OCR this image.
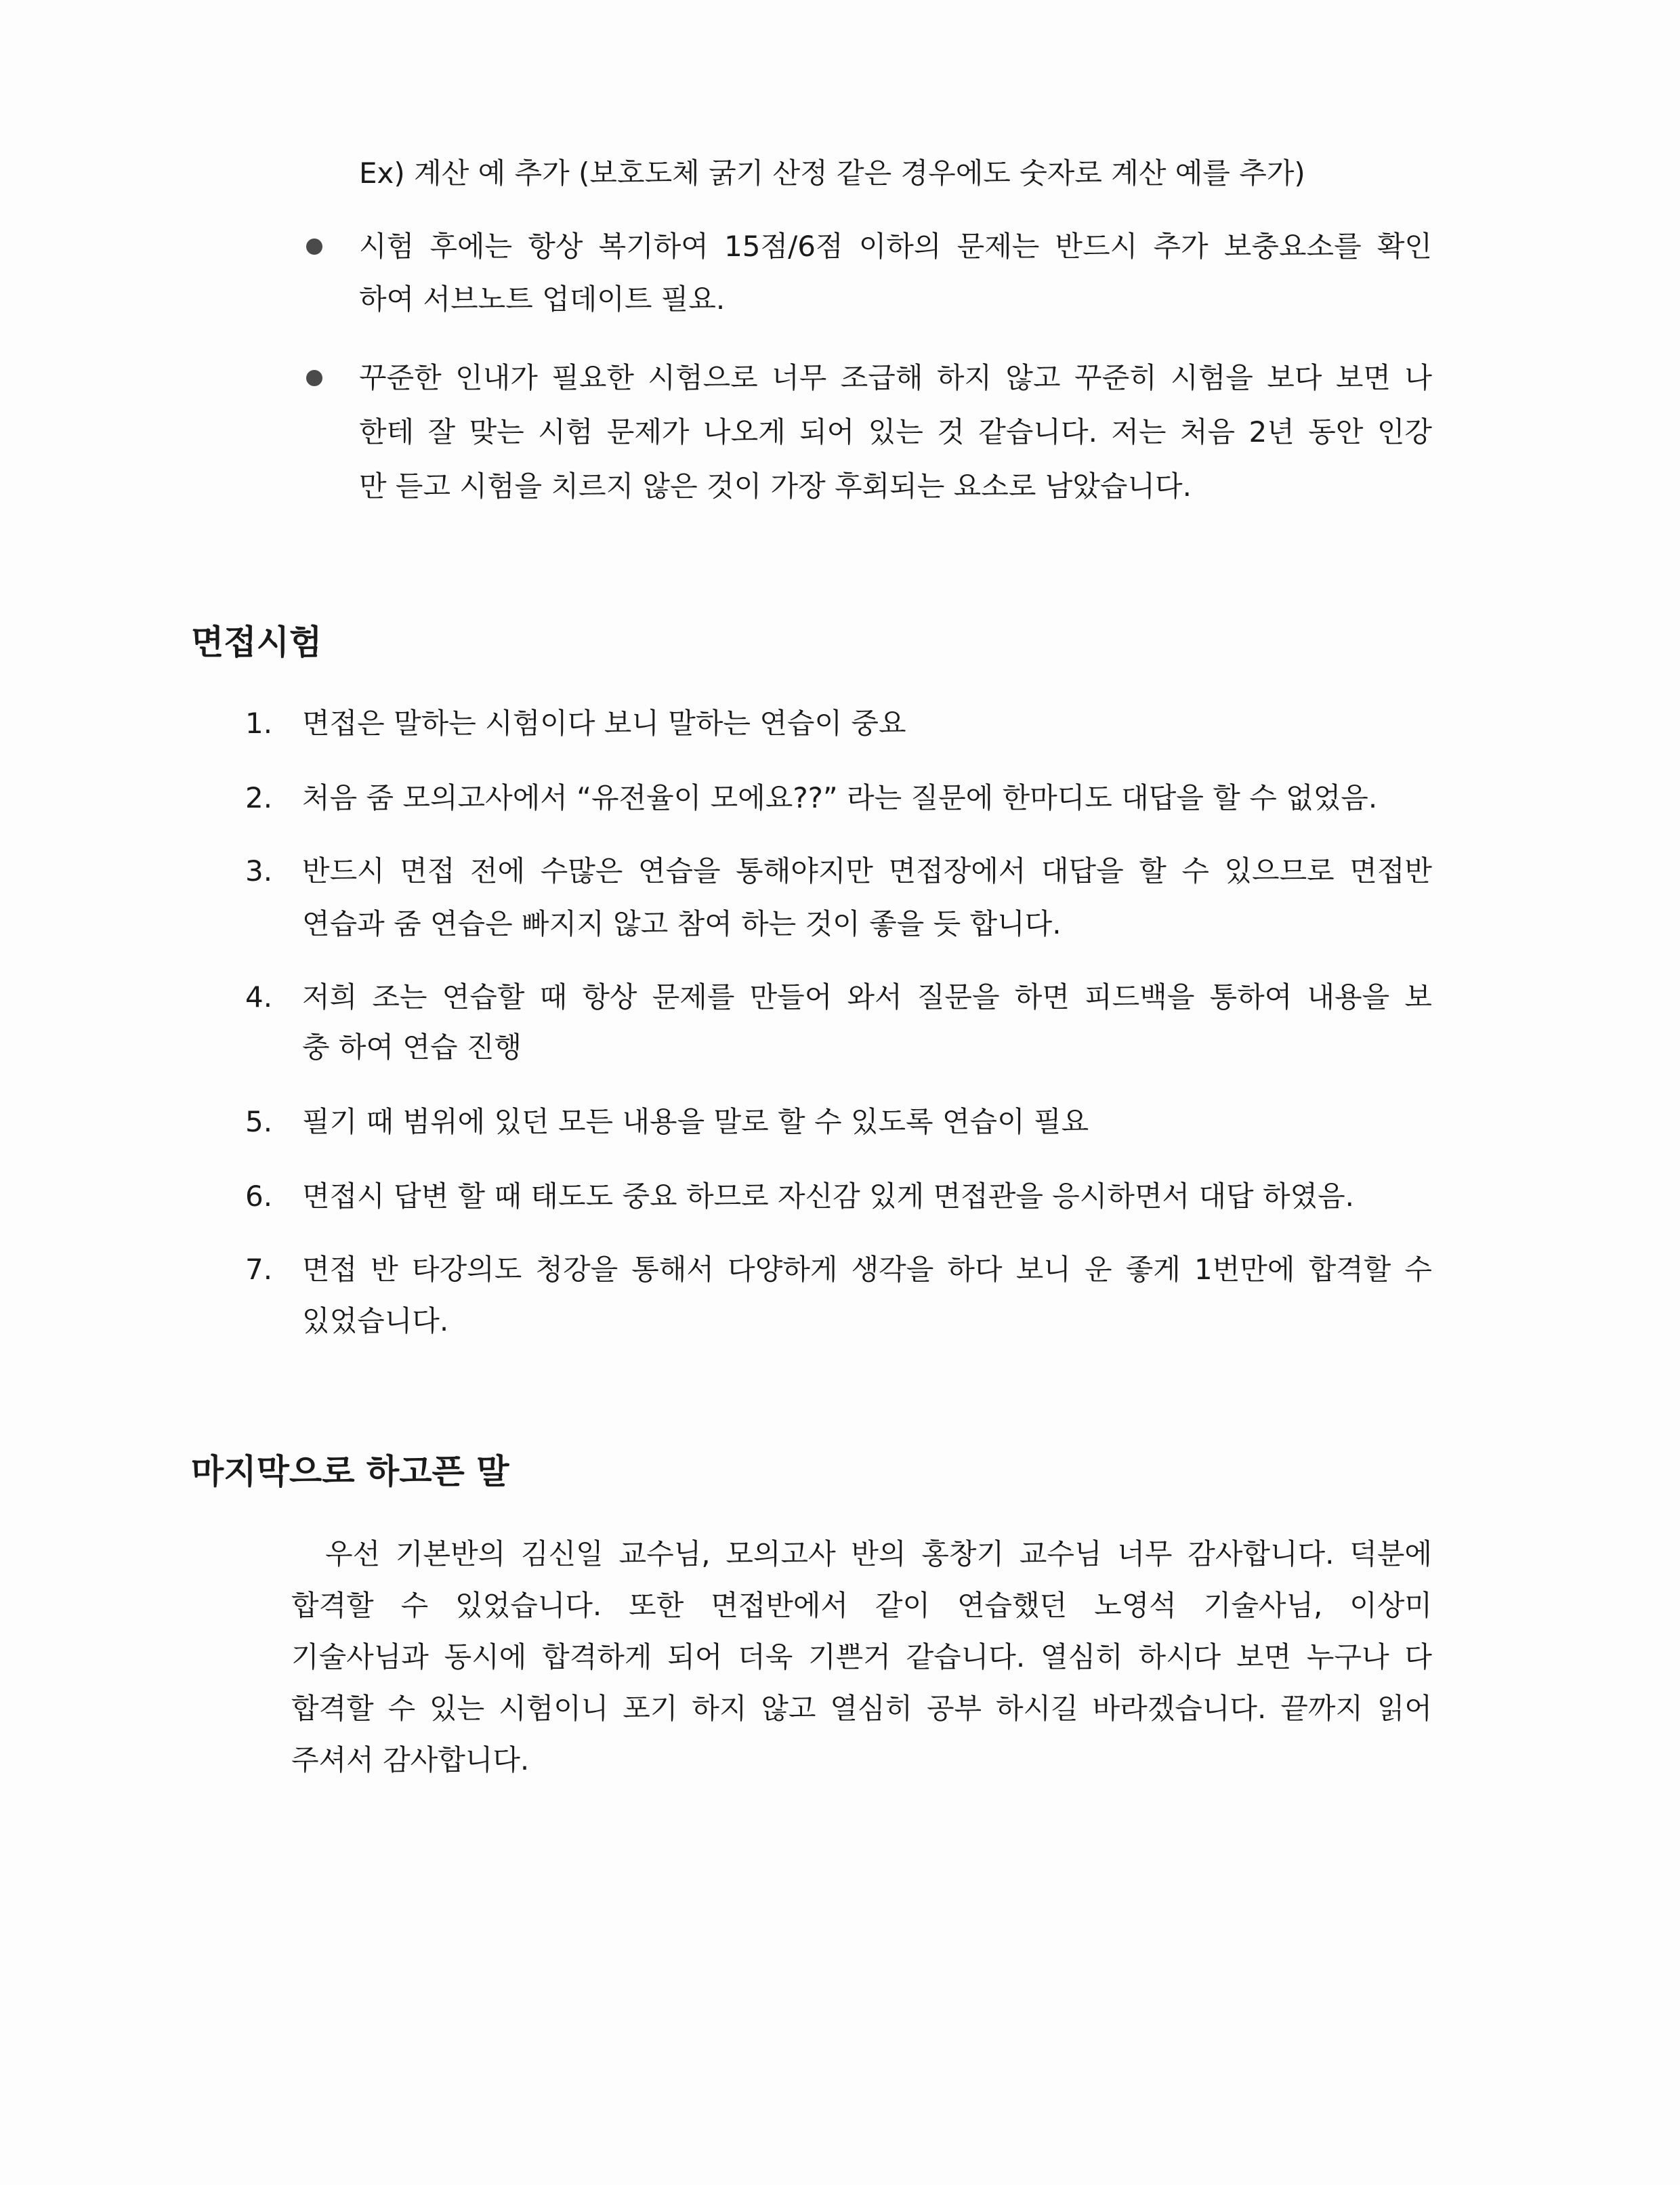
Ex) 계산 예 추가 (보호도체 굵기 산정 같은 경우에도 숫자로 계산 예를 추가)
시험 후에는 항상 복기하여 15점/6점 이하의 문제는 반드시 추가 보충요소를 확인
하여 서브노트 업데이트 필요.
꾸준한 인내가 필요한 시험으로 너무 조급해 하지 않고 꾸준히 시험을 보다 보면 나
한테 잘 맞는 시험 문제가 나오게 되어 있는 것 같습니다. 저는 처음 2년 동안 인강
만 듣고 시험을 치르지 않은 것이 가장 후회되는 요소로 남았습니다.
면접시험
1. 면접은 말하는 시험이다 보니 말하는 연습이 중요
2. 처음 줌 모의고사에서 “유전율이 모에요??” 라는 질문에 한마디도 대답을 할 수 없었음.
3. 반드시 면접 전에 수많은 연습을 통해야지만 면접장에서 대답을 할 수 있으므로 면접반
연습과 줌 연습은 빠지지 않고 참여 하는 것이 좋을 듯 합니다.
4. 저희 조는 연습할 때 항상 문제를 만들어 와서 질문을 하면 피드백을 통하여 내용을 보
충 하여 연습 진행
5. 필기 때 범위에 있던 모든 내용을 말로 할 수 있도록 연습이 필요
6. 면접시 답변 할 때 태도도 중요 하므로 자신감 있게 면접관을 응시하면서 대답 하였음.
7. 면접 반 타강의도 청강을 통해서 다양하게 생각을 하다 보니 운 좋게 1번만에 합격할 수
있었습니다.
마지막으로 하고픈 말
우선 기본반의 김신일 교수님, 모의고사 반의 홍창기 교수님 너무 감사합니다. 덕분에
합격할 수 있었습니다. 또한 면접반에서 같이 연습했던 노영석 기술사님, 이상미
기술사님과 동시에 합격하게 되어 더욱 기쁜거 같습니다. 열심히 하시다 보면 누구나 다
합격할 수 있는 시험이니 포기 하지 않고 열심히 공부 하시길 바라겠습니다. 끝까지 읽어
주셔서 감사합니다.
